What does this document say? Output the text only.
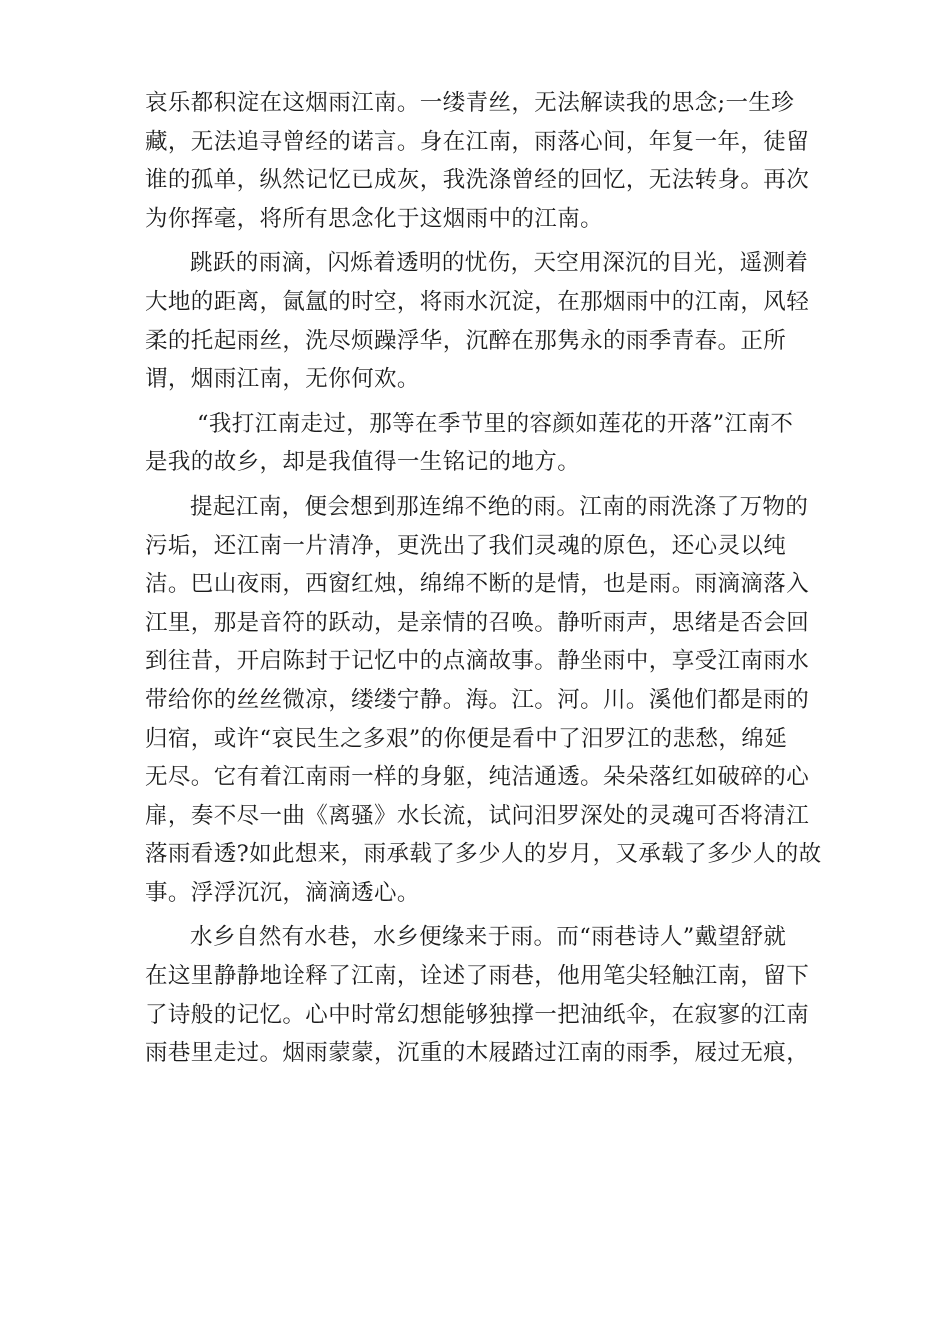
哀乐都积淀在这烟雨江南。一缕青丝，无法解读我的思念;一生珍
藏，无法追寻曾经的诺言。身在江南，雨落心间，年复一年，徒留
谁的孤单，纵然记忆已成灰，我洗涤曾经的回忆，无法转身。再次
为你挥毫，将所有思念化于这烟雨中的江南。
跳跃的雨滴，闪烁着透明的忧伤，天空用深沉的目光，遥测着
大地的距离，氤氲的时空，将雨水沉淀，在那烟雨中的江南，风轻
柔的托起雨丝，洗尽烦躁浮华，沉醉在那隽永的雨季青春。正所
谓，烟雨江南，无你何欢。
“我打江南走过，那等在季节里的容颜如莲花的开落”江南不
是我的故乡，却是我值得一生铭记的地方。
提起江南，便会想到那连绵不绝的雨。江南的雨洗涤了万物的
污垢，还江南一片清净，更洗出了我们灵魂的原色，还心灵以纯
洁。巴山夜雨，西窗红烛，绵绵不断的是情，也是雨。雨滴滴落入
江里，那是音符的跃动，是亲情的召唤。静听雨声，思绪是否会回
到往昔，开启陈封于记忆中的点滴故事。静坐雨中，享受江南雨水
带给你的丝丝微凉，缕缕宁静。海。江。河。川。溪他们都是雨的
归宿，或许“哀民生之多艰”的你便是看中了汨罗江的悲愁，绵延
无尽。它有着江南雨一样的身躯，纯洁通透。朵朵落红如破碎的心
扉，奏不尽一曲《离骚》水长流，试问汨罗深处的灵魂可否将清江
落雨看透?如此想来，雨承载了多少人的岁月，又承载了多少人的故
事。浮浮沉沉，滴滴透心。
水乡自然有水巷，水乡便缘来于雨。而“雨巷诗人”戴望舒就
在这里静静地诠释了江南，诠述了雨巷，他用笔尖轻触江南，留下
了诗般的记忆。心中时常幻想能够独撑一把油纸伞，在寂寥的江南
雨巷里走过。烟雨蒙蒙，沉重的木屐踏过江南的雨季，屐过无痕，
